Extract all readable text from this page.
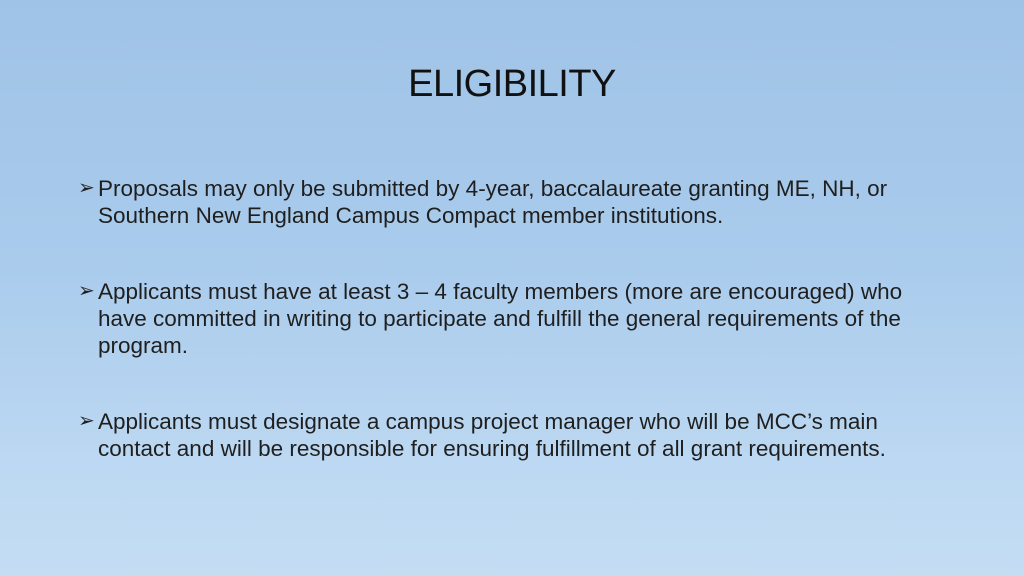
ELIGIBILITY
➢ Proposals may only be submitted by 4-year, baccalaureate granting ME, NH, or Southern New England Campus Compact member institutions.
➢ Applicants must have at least 3 – 4 faculty members (more are encouraged) who have committed in writing to participate and fulfill the general requirements of the program.
➢ Applicants must designate a campus project manager who will be MCC’s main contact and will be responsible for ensuring fulfillment of all grant requirements.
